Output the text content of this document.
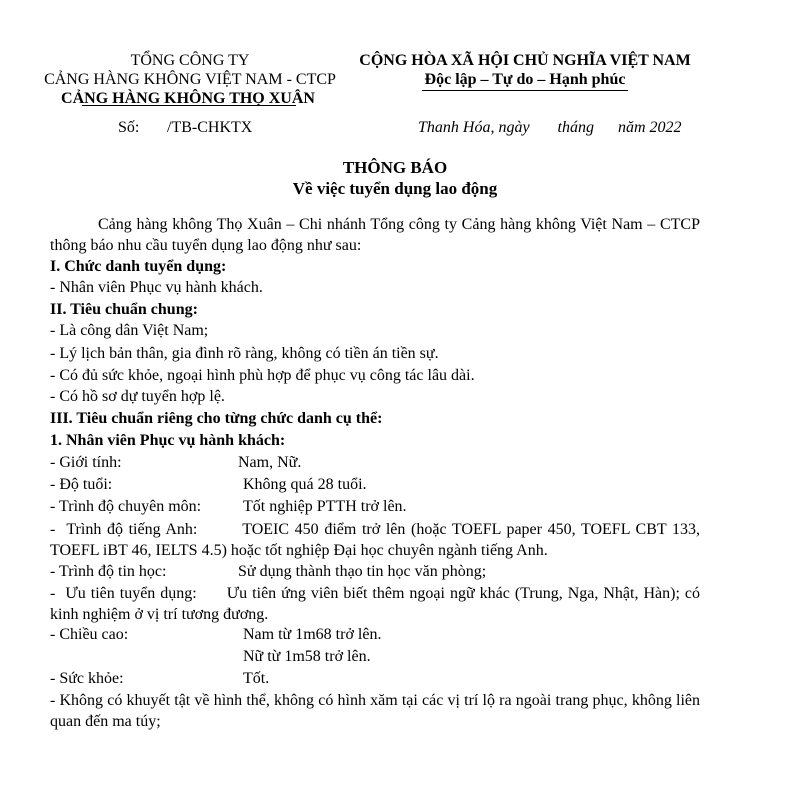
TỔNG CÔNG TY
CẢNG HÀNG KHÔNG VIỆT NAM - CTCP
CẢNG HÀNG KHÔNG THỌ XUÂN
CỘNG HÒA XÃ HỘI CHỦ NGHĨA VIỆT NAM
Độc lập – Tự do – Hạnh phúc
Số: /TB-CHKTX	Thanh Hóa, ngày       tháng      năm 2022
THÔNG BÁO
Về việc tuyển dụng lao động
Cảng hàng không Thọ Xuân – Chi nhánh Tổng công ty Cảng hàng không Việt Nam – CTCP thông báo nhu cầu tuyển dụng lao động như sau:
I. Chức danh tuyển dụng:
- Nhân viên Phục vụ hành khách.
II. Tiêu chuẩn chung:
- Là công dân Việt Nam;
- Lý lịch bản thân, gia đình rõ ràng, không có tiền án tiền sự.
- Có đủ sức khỏe, ngoại hình phù hợp để phục vụ công tác lâu dài.
- Có hồ sơ dự tuyển hợp lệ.
III. Tiêu chuẩn riêng cho từng chức danh cụ thể:
1. Nhân viên Phục vụ hành khách:
- Giới tính:	Nam, Nữ.
- Độ tuổi:	Không quá 28 tuổi.
- Trình độ chuyên môn:	Tốt nghiệp PTTH trở lên.
-  Trình độ tiếng Anh:        TOEIC 450 điểm trở lên (hoặc TOEFL paper 450, TOEFL CBT 133, TOEFL iBT 46, IELTS 4.5) hoặc tốt nghiệp Đại học chuyên ngành tiếng Anh.
- Trình độ tin học:	Sử dụng thành thạo tin học văn phòng;
-  Ưu tiên tuyển dụng:      Ưu tiên ứng viên biết thêm ngoại ngữ khác (Trung, Nga, Nhật, Hàn); có kinh nghiệm ở vị trí tương đương.
- Chiều cao:	Nam từ 1m68 trở lên.
Nữ từ 1m58 trở lên.
- Sức khỏe:	Tốt.
- Không có khuyết tật về hình thể, không có hình xăm tại các vị trí lộ ra ngoài trang phục, không liên quan đến ma túy;
